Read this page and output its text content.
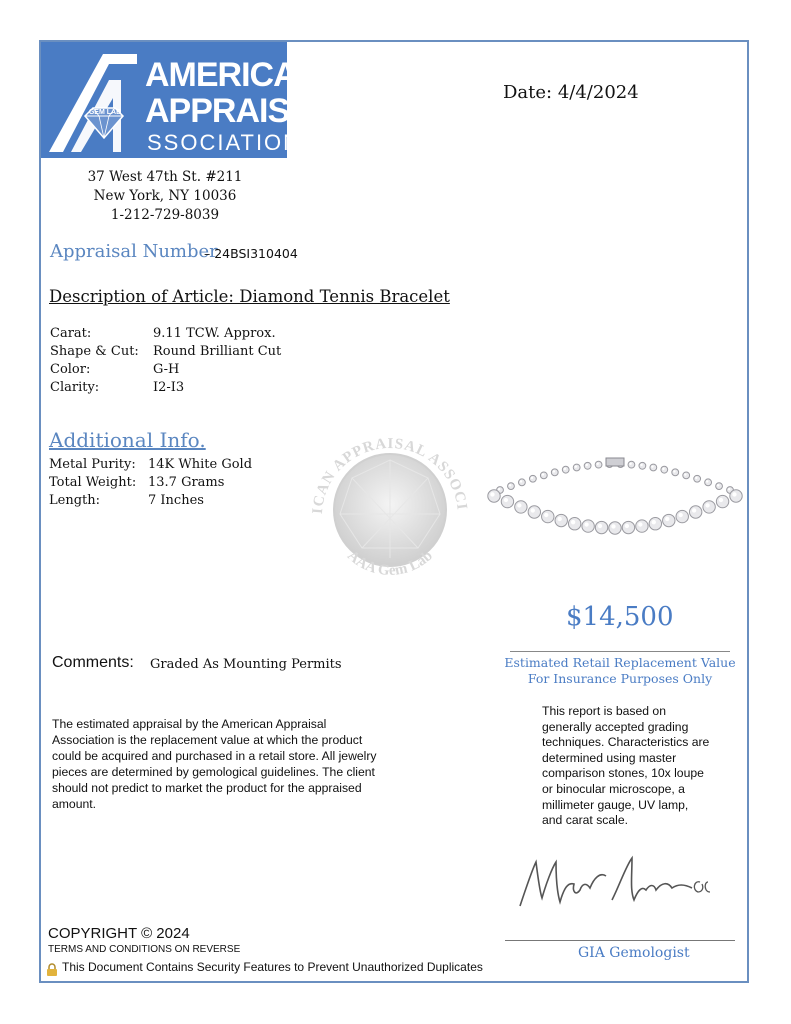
GEM LAB
AMERICAN
APPRAISAL
SSOCIATION
37 West 47th St. #211
New York, NY 10036
1-212-729-8039
Date: 4/4/2024
Appraisal Number
– 24BSI310404
Description of Article: Diamond Tennis Bracelet
Carat:	9.11 TCW. Approx.
Shape & Cut: Round Brilliant Cut
Color:	G-H
Clarity:	I2-I3
Additional Info.
Metal Purity: 14K White Gold
Total Weight: 13.7 Grams
Length:	7 Inches
ICAN APPRAISAL ASSOCI
AAA Gem Lab
$14,500
Estimated Retail Replacement Value
For Insurance Purposes Only
Comments: Graded As Mounting Permits
The estimated appraisal by the American Appraisal Association is the replacement value at which the product could be acquired and purchased in a retail store. All jewelry pieces are determined by gemological guidelines. The client should not predict to market the product for the appraised amount.
This report is based on generally accepted grading techniques. Characteristics are determined using master comparison stones, 10x loupe or binocular microscope, a millimeter gauge, UV lamp, and carat scale.
GIA Gemologist
COPYRIGHT © 2024
TERMS AND CONDITIONS ON REVERSE
This Document Contains Security Features to Prevent Unauthorized Duplicates
